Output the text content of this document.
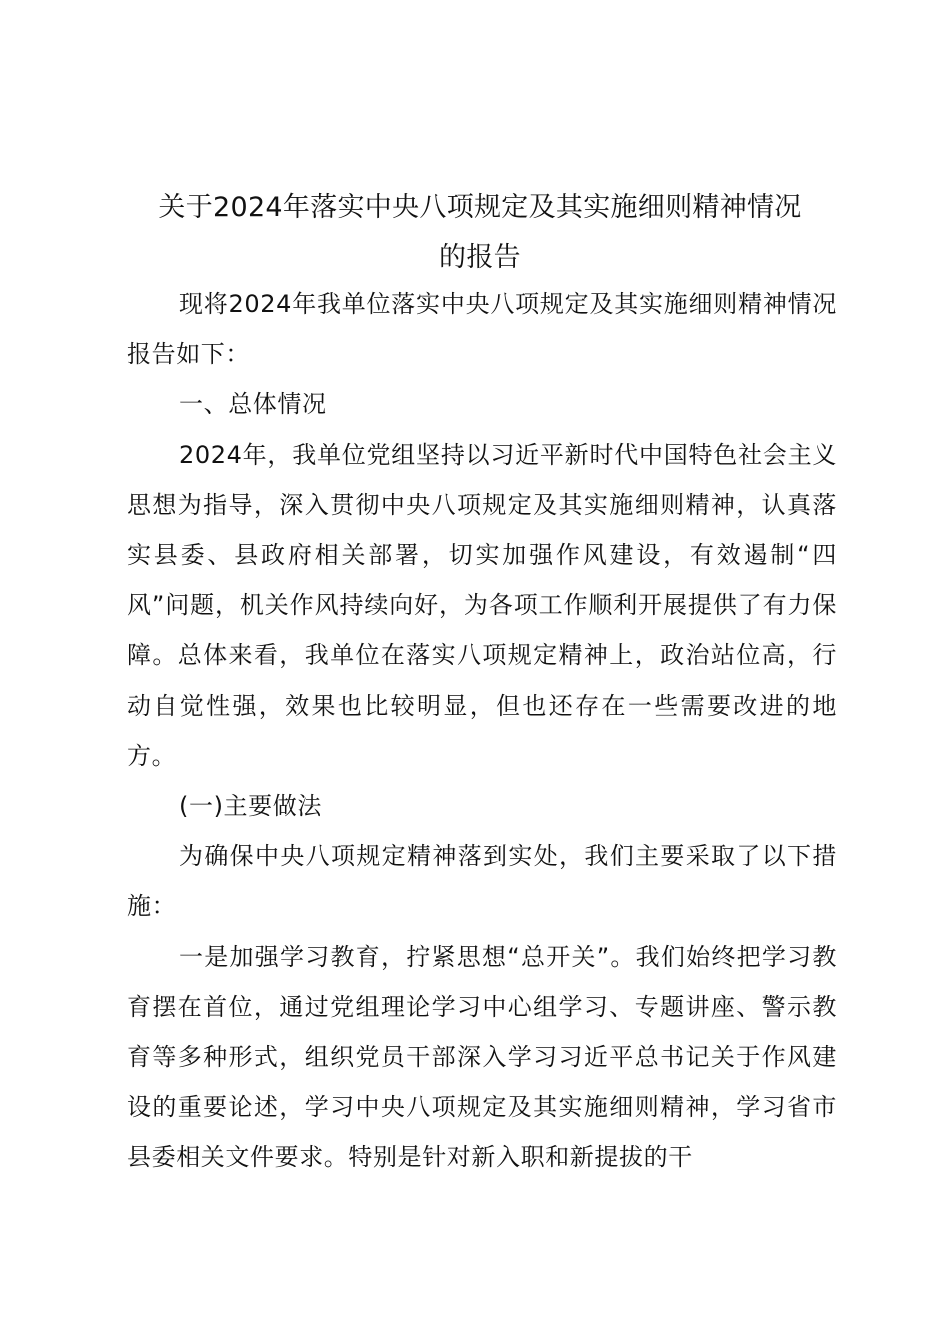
关于2024年落实中央八项规定及其实施细则精神情况
的报告

现将2024年我单位落实中央八项规定及其实施细则精神情况报告如下：

一、总体情况

2024年，我单位党组坚持以习近平新时代中国特色社会主义思想为指导，深入贯彻中央八项规定及其实施细则精神，认真落实县委、县政府相关部署，切实加强作风建设，有效遏制“四风”问题，机关作风持续向好，为各项工作顺利开展提供了有力保障。总体来看，我单位在落实八项规定精神上，政治站位高，行动自觉性强，效果也比较明显，但也还存在一些需要改进的地方。

(一)主要做法

为确保中央八项规定精神落到实处，我们主要采取了以下措施：

一是加强学习教育，拧紧思想“总开关”。我们始终把学习教育摆在首位，通过党组理论学习中心组学习、专题讲座、警示教育等多种形式，组织党员干部深入学习习近平总书记关于作风建设的重要论述，学习中央八项规定及其实施细则精神，学习省市县委相关文件要求。特别是针对新入职和新提拔的干
